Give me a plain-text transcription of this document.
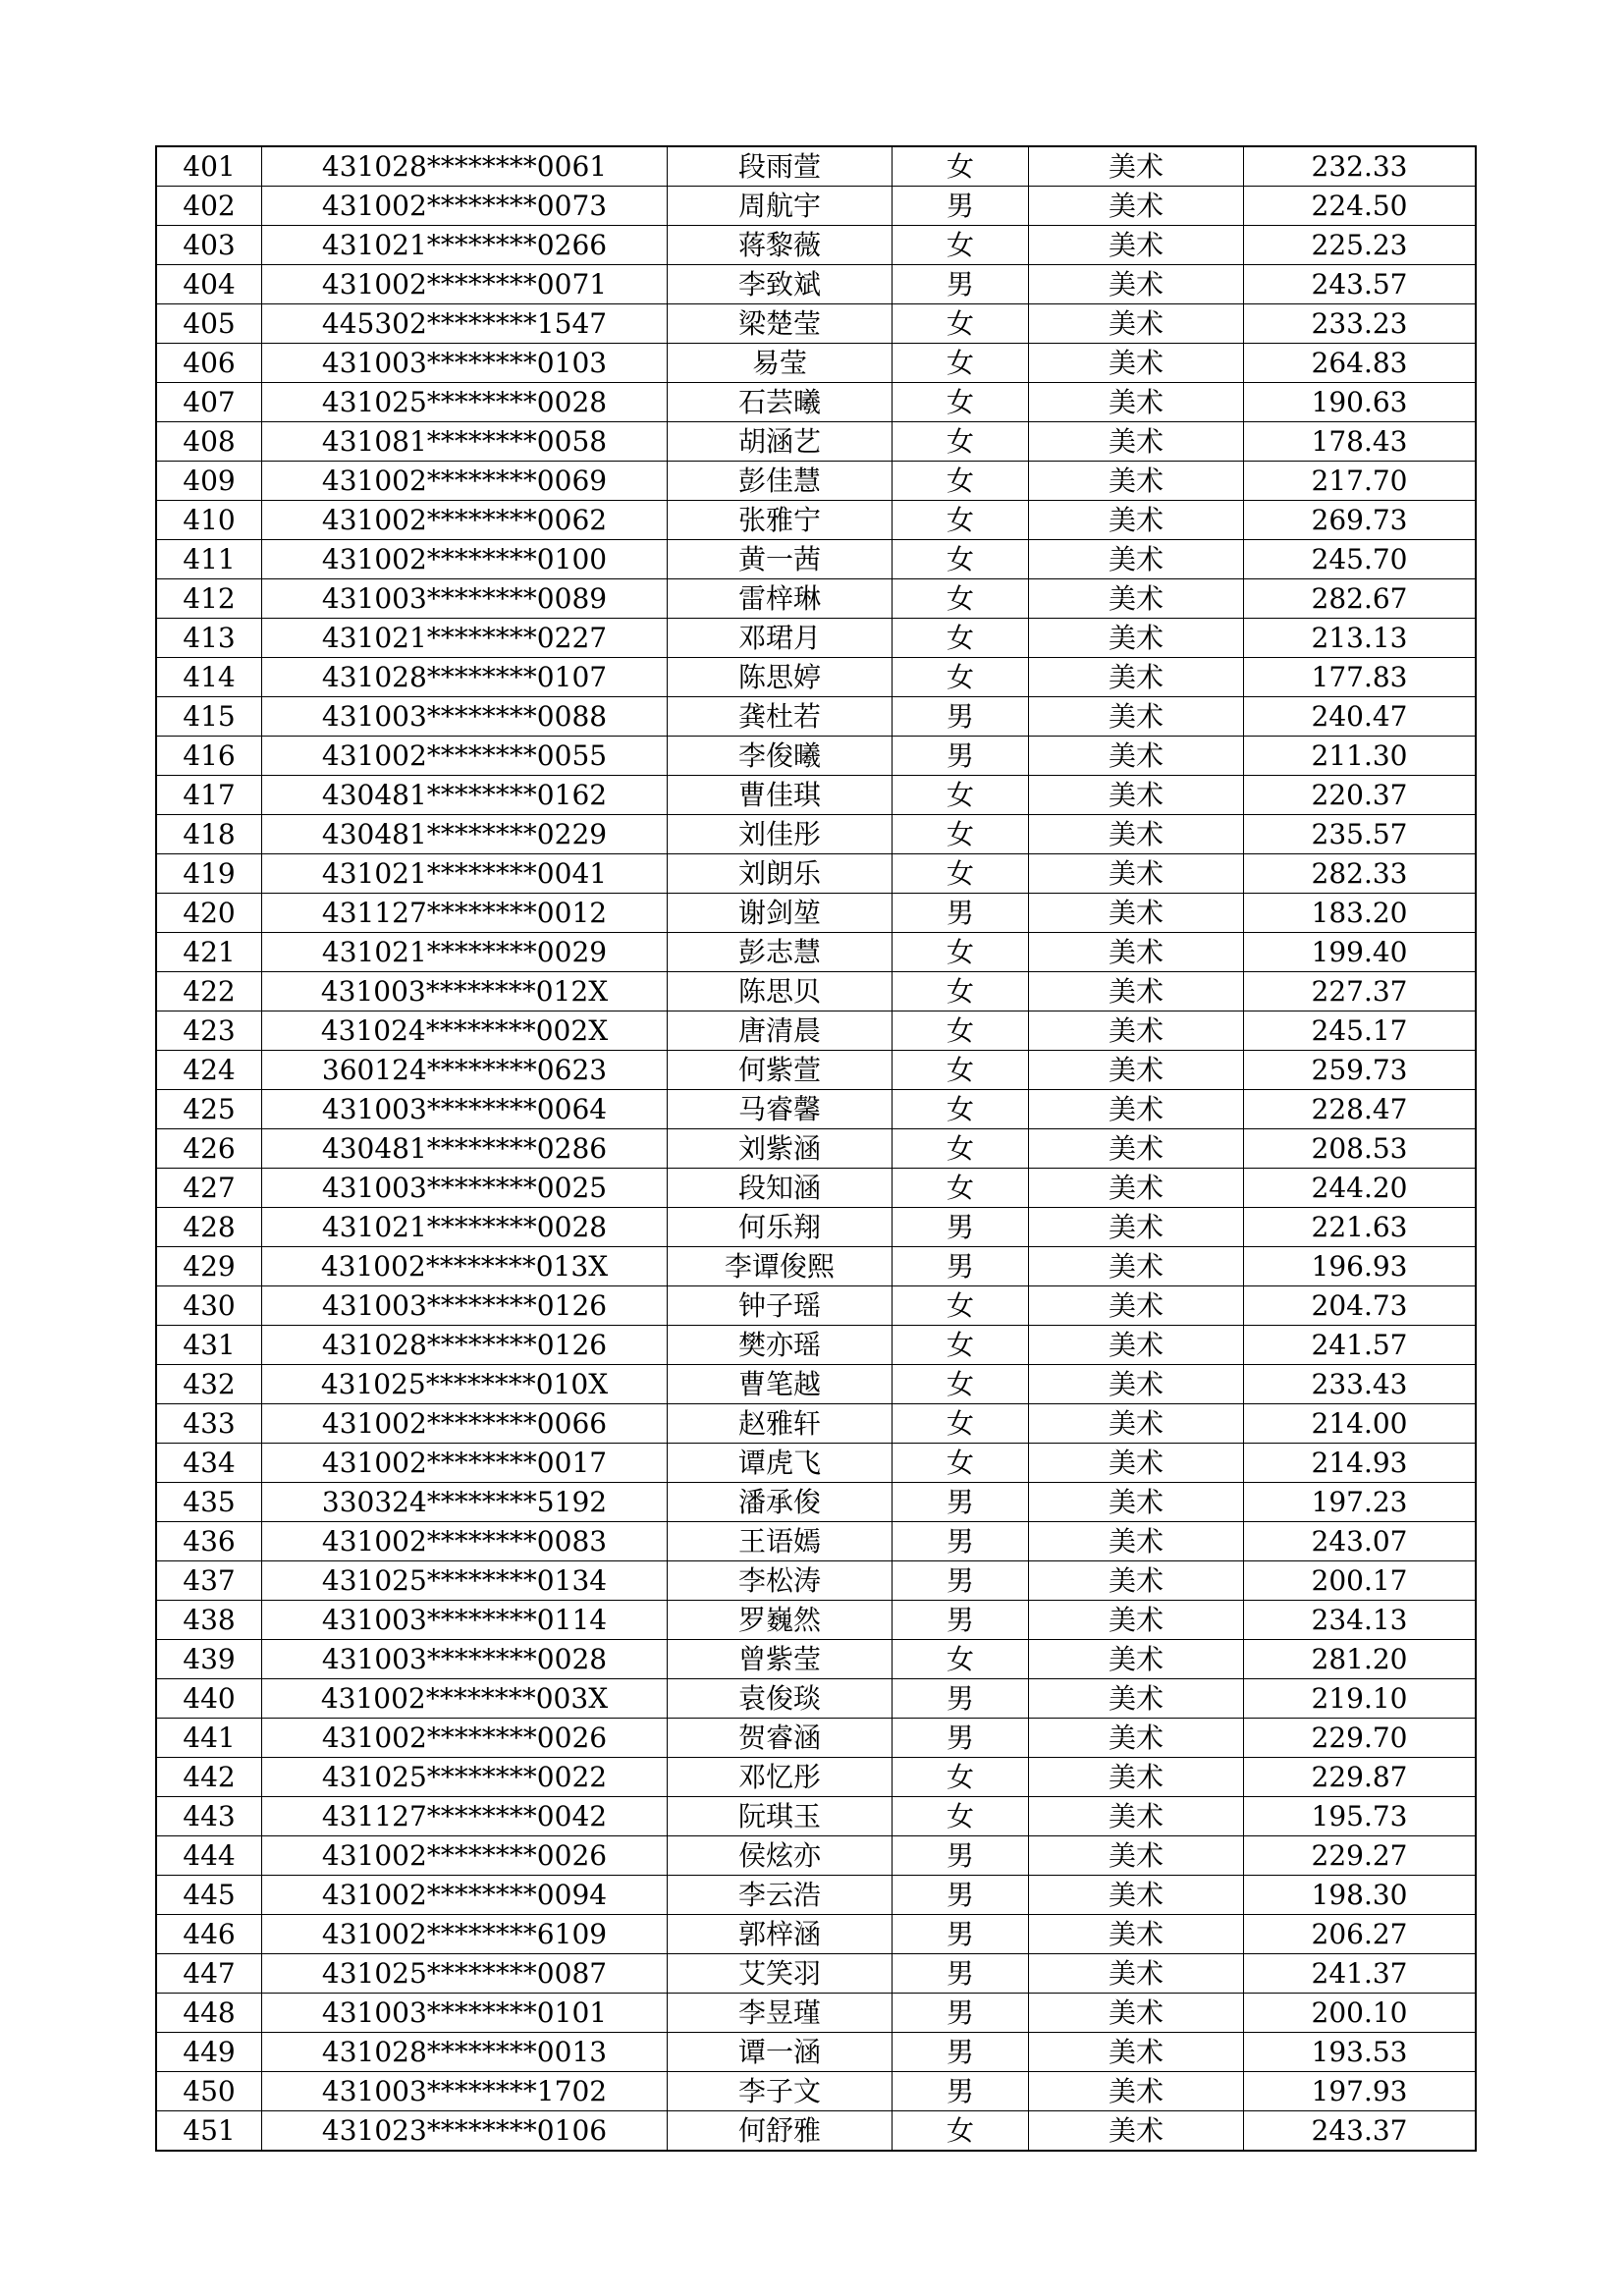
401	431028********0061	段雨萱	女	美术	232.33
402	431002********0073	周航宇	男	美术	224.50
403	431021********0266	蒋黎薇	女	美术	225.23
404	431002********0071	李致斌	男	美术	243.57
405	445302********1547	梁楚莹	女	美术	233.23
406	431003********0103	易莹	女	美术	264.83
407	431025********0028	石芸曦	女	美术	190.63
408	431081********0058	胡涵艺	女	美术	178.43
409	431002********0069	彭佳慧	女	美术	217.70
410	431002********0062	张雅宁	女	美术	269.73
411	431002********0100	黄一茜	女	美术	245.70
412	431003********0089	雷梓琳	女	美术	282.67
413	431021********0227	邓珺月	女	美术	213.13
414	431028********0107	陈思婷	女	美术	177.83
415	431003********0088	龚杜若	男	美术	240.47
416	431002********0055	李俊曦	男	美术	211.30
417	430481********0162	曹佳琪	女	美术	220.37
418	430481********0229	刘佳彤	女	美术	235.57
419	431021********0041	刘朗乐	女	美术	282.33
420	431127********0012	谢剑堃	男	美术	183.20
421	431021********0029	彭志慧	女	美术	199.40
422	431003********012X	陈思贝	女	美术	227.37
423	431024********002X	唐清晨	女	美术	245.17
424	360124********0623	何紫萱	女	美术	259.73
425	431003********0064	马睿馨	女	美术	228.47
426	430481********0286	刘紫涵	女	美术	208.53
427	431003********0025	段知涵	女	美术	244.20
428	431021********0028	何乐翔	男	美术	221.63
429	431002********013X	李谭俊熙	男	美术	196.93
430	431003********0126	钟子瑶	女	美术	204.73
431	431028********0126	樊亦瑶	女	美术	241.57
432	431025********010X	曹笔越	女	美术	233.43
433	431002********0066	赵雅轩	女	美术	214.00
434	431002********0017	谭虎飞	女	美术	214.93
435	330324********5192	潘承俊	男	美术	197.23
436	431002********0083	王语嫣	男	美术	243.07
437	431025********0134	李松涛	男	美术	200.17
438	431003********0114	罗巍然	男	美术	234.13
439	431003********0028	曾紫莹	女	美术	281.20
440	431002********003X	袁俊琰	男	美术	219.10
441	431002********0026	贺睿涵	男	美术	229.70
442	431025********0022	邓忆彤	女	美术	229.87
443	431127********0042	阮琪玉	女	美术	195.73
444	431002********0026	侯炫亦	男	美术	229.27
445	431002********0094	李云浩	男	美术	198.30
446	431002********6109	郭梓涵	男	美术	206.27
447	431025********0087	艾笑羽	男	美术	241.37
448	431003********0101	李昱瑾	男	美术	200.10
449	431028********0013	谭一涵	男	美术	193.53
450	431003********1702	李子文	男	美术	197.93
451	431023********0106	何舒雅	女	美术	243.37
